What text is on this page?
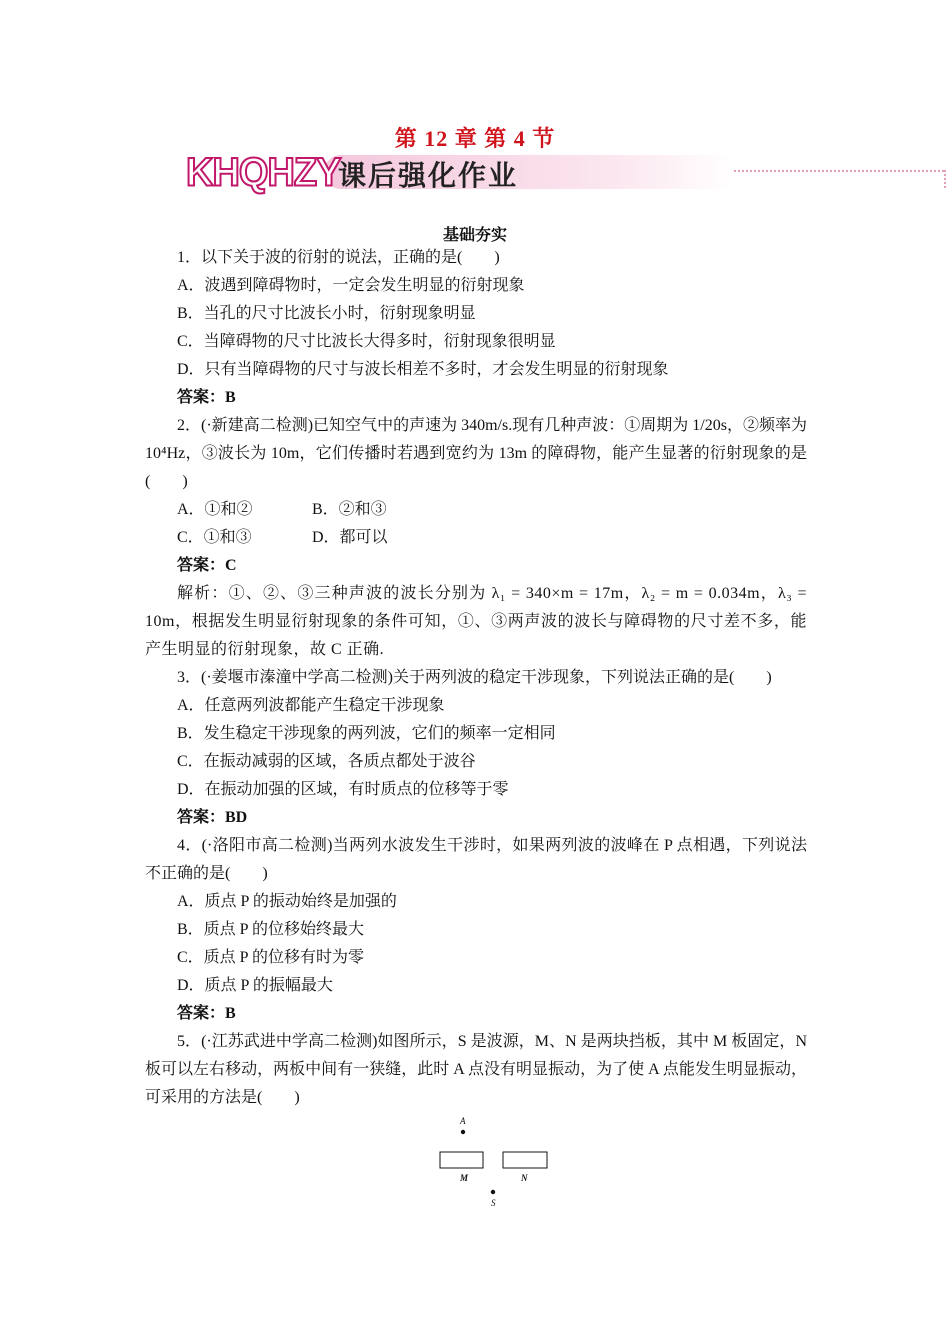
第 12 章 第 4 节
KHQHZY
课后强化作业
基础夯实

1．以下关于波的衍射的说法，正确的是(　　)

A．波遇到障碍物时，一定会发生明显的衍射现象

B．当孔的尺寸比波长小时，衍射现象明显

C．当障碍物的尺寸比波长大得多时，衍射现象很明显

D．只有当障碍物的尺寸与波长相差不多时，才会发生明显的衍射现象

答案：B

2．(·新建高二检测)已知空气中的声速为 340m/s.现有几种声波：①周期为 1/20s，②频率为 10⁴Hz，③波长为 10m，它们传播时若遇到宽约为 13m 的障碍物，能产生显著的衍射现象的是(　　)

A．①和②	B．②和③

C．①和③	D．都可以

答案：C

解析：①、②、③三种声波的波长分别为 λ₁ = 340×m = 17m，λ₂ = m = 0.034m，λ₃ = 10m，根据发生明显衍射现象的条件可知，①、③两声波的波长与障碍物的尺寸差不多，能产生明显的衍射现象，故 C 正确.

3．(·姜堰市溱潼中学高二检测)关于两列波的稳定干涉现象，下列说法正确的是(　　)

A．任意两列波都能产生稳定干涉现象

B．发生稳定干涉现象的两列波，它们的频率一定相同

C．在振动减弱的区域，各质点都处于波谷

D．在振动加强的区域，有时质点的位移等于零

答案：BD

4．(·洛阳市高二检测)当两列水波发生干涉时，如果两列波的波峰在 P 点相遇，下列说法不正确的是(　　)

A．质点 P 的振动始终是加强的

B．质点 P 的位移始终最大

C．质点 P 的位移有时为零

D．质点 P 的振幅最大

答案：B

5．(·江苏武进中学高二检测)如图所示，S 是波源，M、N 是两块挡板，其中 M 板固定，N 板可以左右移动，两板中间有一狭缝，此时 A 点没有明显振动，为了使 A 点能发生明显振动，可采用的方法是(　　)

A
M	N
S
